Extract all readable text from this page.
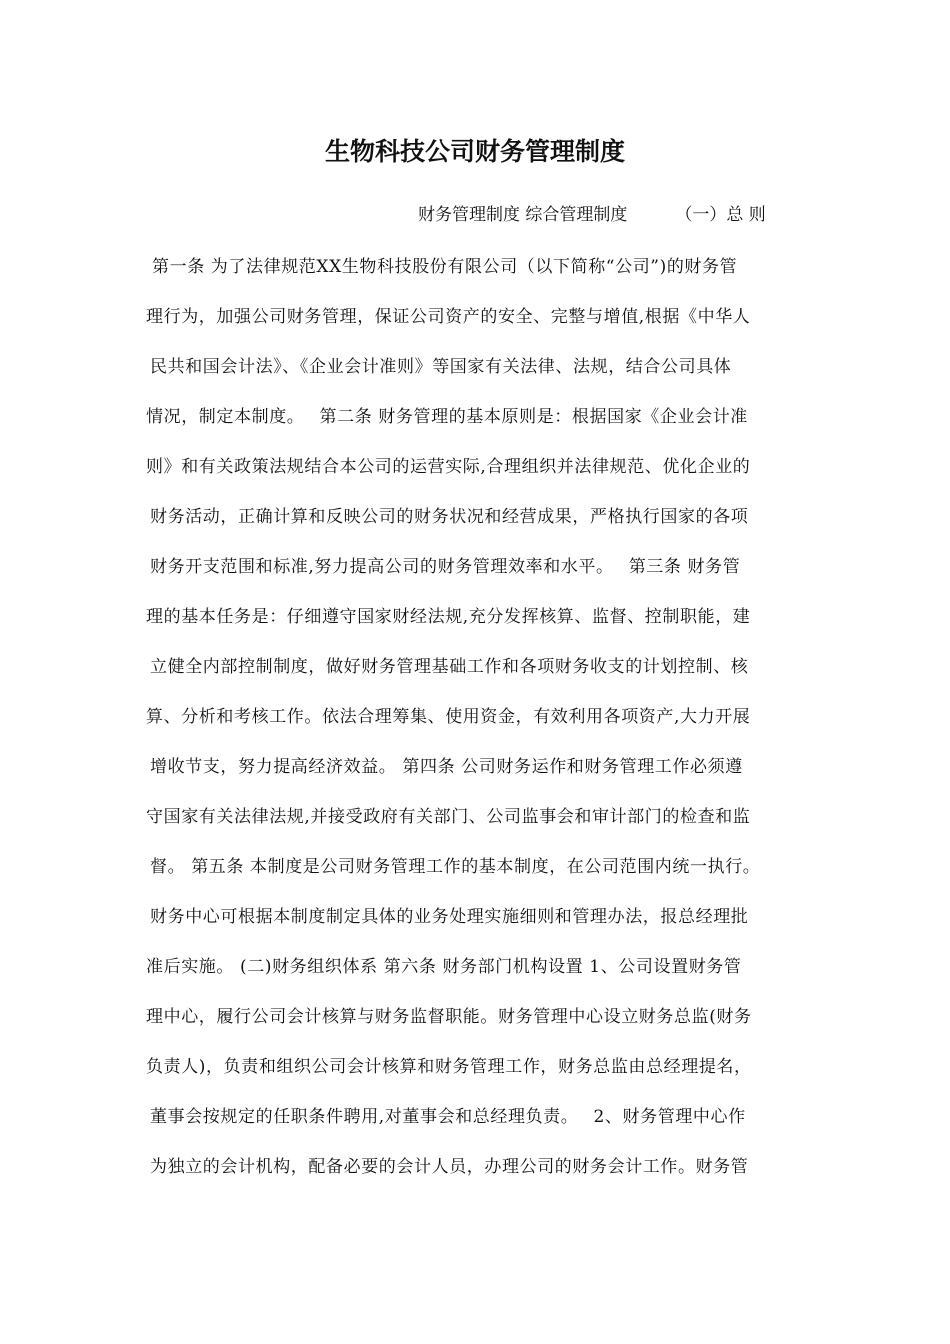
生物科技公司财务管理制度
财务管理制度 综合管理制度	（一）总 则
第一条 为了法律规范XX生物科技股份有限公司（以下简称“公司”)的财务管
理行为，加强公司财务管理，保证公司资产的安全、完整与增值,根据《中华人
民共和国会计法》、《企业会计准则》等国家有关法律、法规，结合公司具体
情况，制定本制度。　 第二条 财务管理的基本原则是：根据国家《企业会计准
则》和有关政策法规结合本公司的运营实际,合理组织并法律规范、优化企业的
财务活动，正确计算和反映公司的财务状况和经营成果，严格执行国家的各项
财务开支范围和标准,努力提高公司的财务管理效率和水平。　 第三条 财务管
理的基本任务是：仔细遵守国家财经法规,充分发挥核算、监督、控制职能，建
立健全内部控制制度，做好财务管理基础工作和各项财务收支的计划控制、核
算、分析和考核工作。依法合理筹集、使用资金，有效利用各项资产,大力开展
增收节支，努力提高经济效益。 第四条 公司财务运作和财务管理工作必须遵
守国家有关法律法规,并接受政府有关部门、公司监事会和审计部门的检查和监
督。 第五条 本制度是公司财务管理工作的基本制度，在公司范围内统一执行。
财务中心可根据本制度制定具体的业务处理实施细则和管理办法，报总经理批
准后实施。 (二)财务组织体系 第六条 财务部门机构设置 1、公司设置财务管
理中心，履行公司会计核算与财务监督职能。财务管理中心设立财务总监(财务
负责人)，负责和组织公司会计核算和财务管理工作，财务总监由总经理提名，
董事会按规定的任职条件聘用,对董事会和总经理负责。　 2、财务管理中心作
为独立的会计机构，配备必要的会计人员，办理公司的财务会计工作。财务管
